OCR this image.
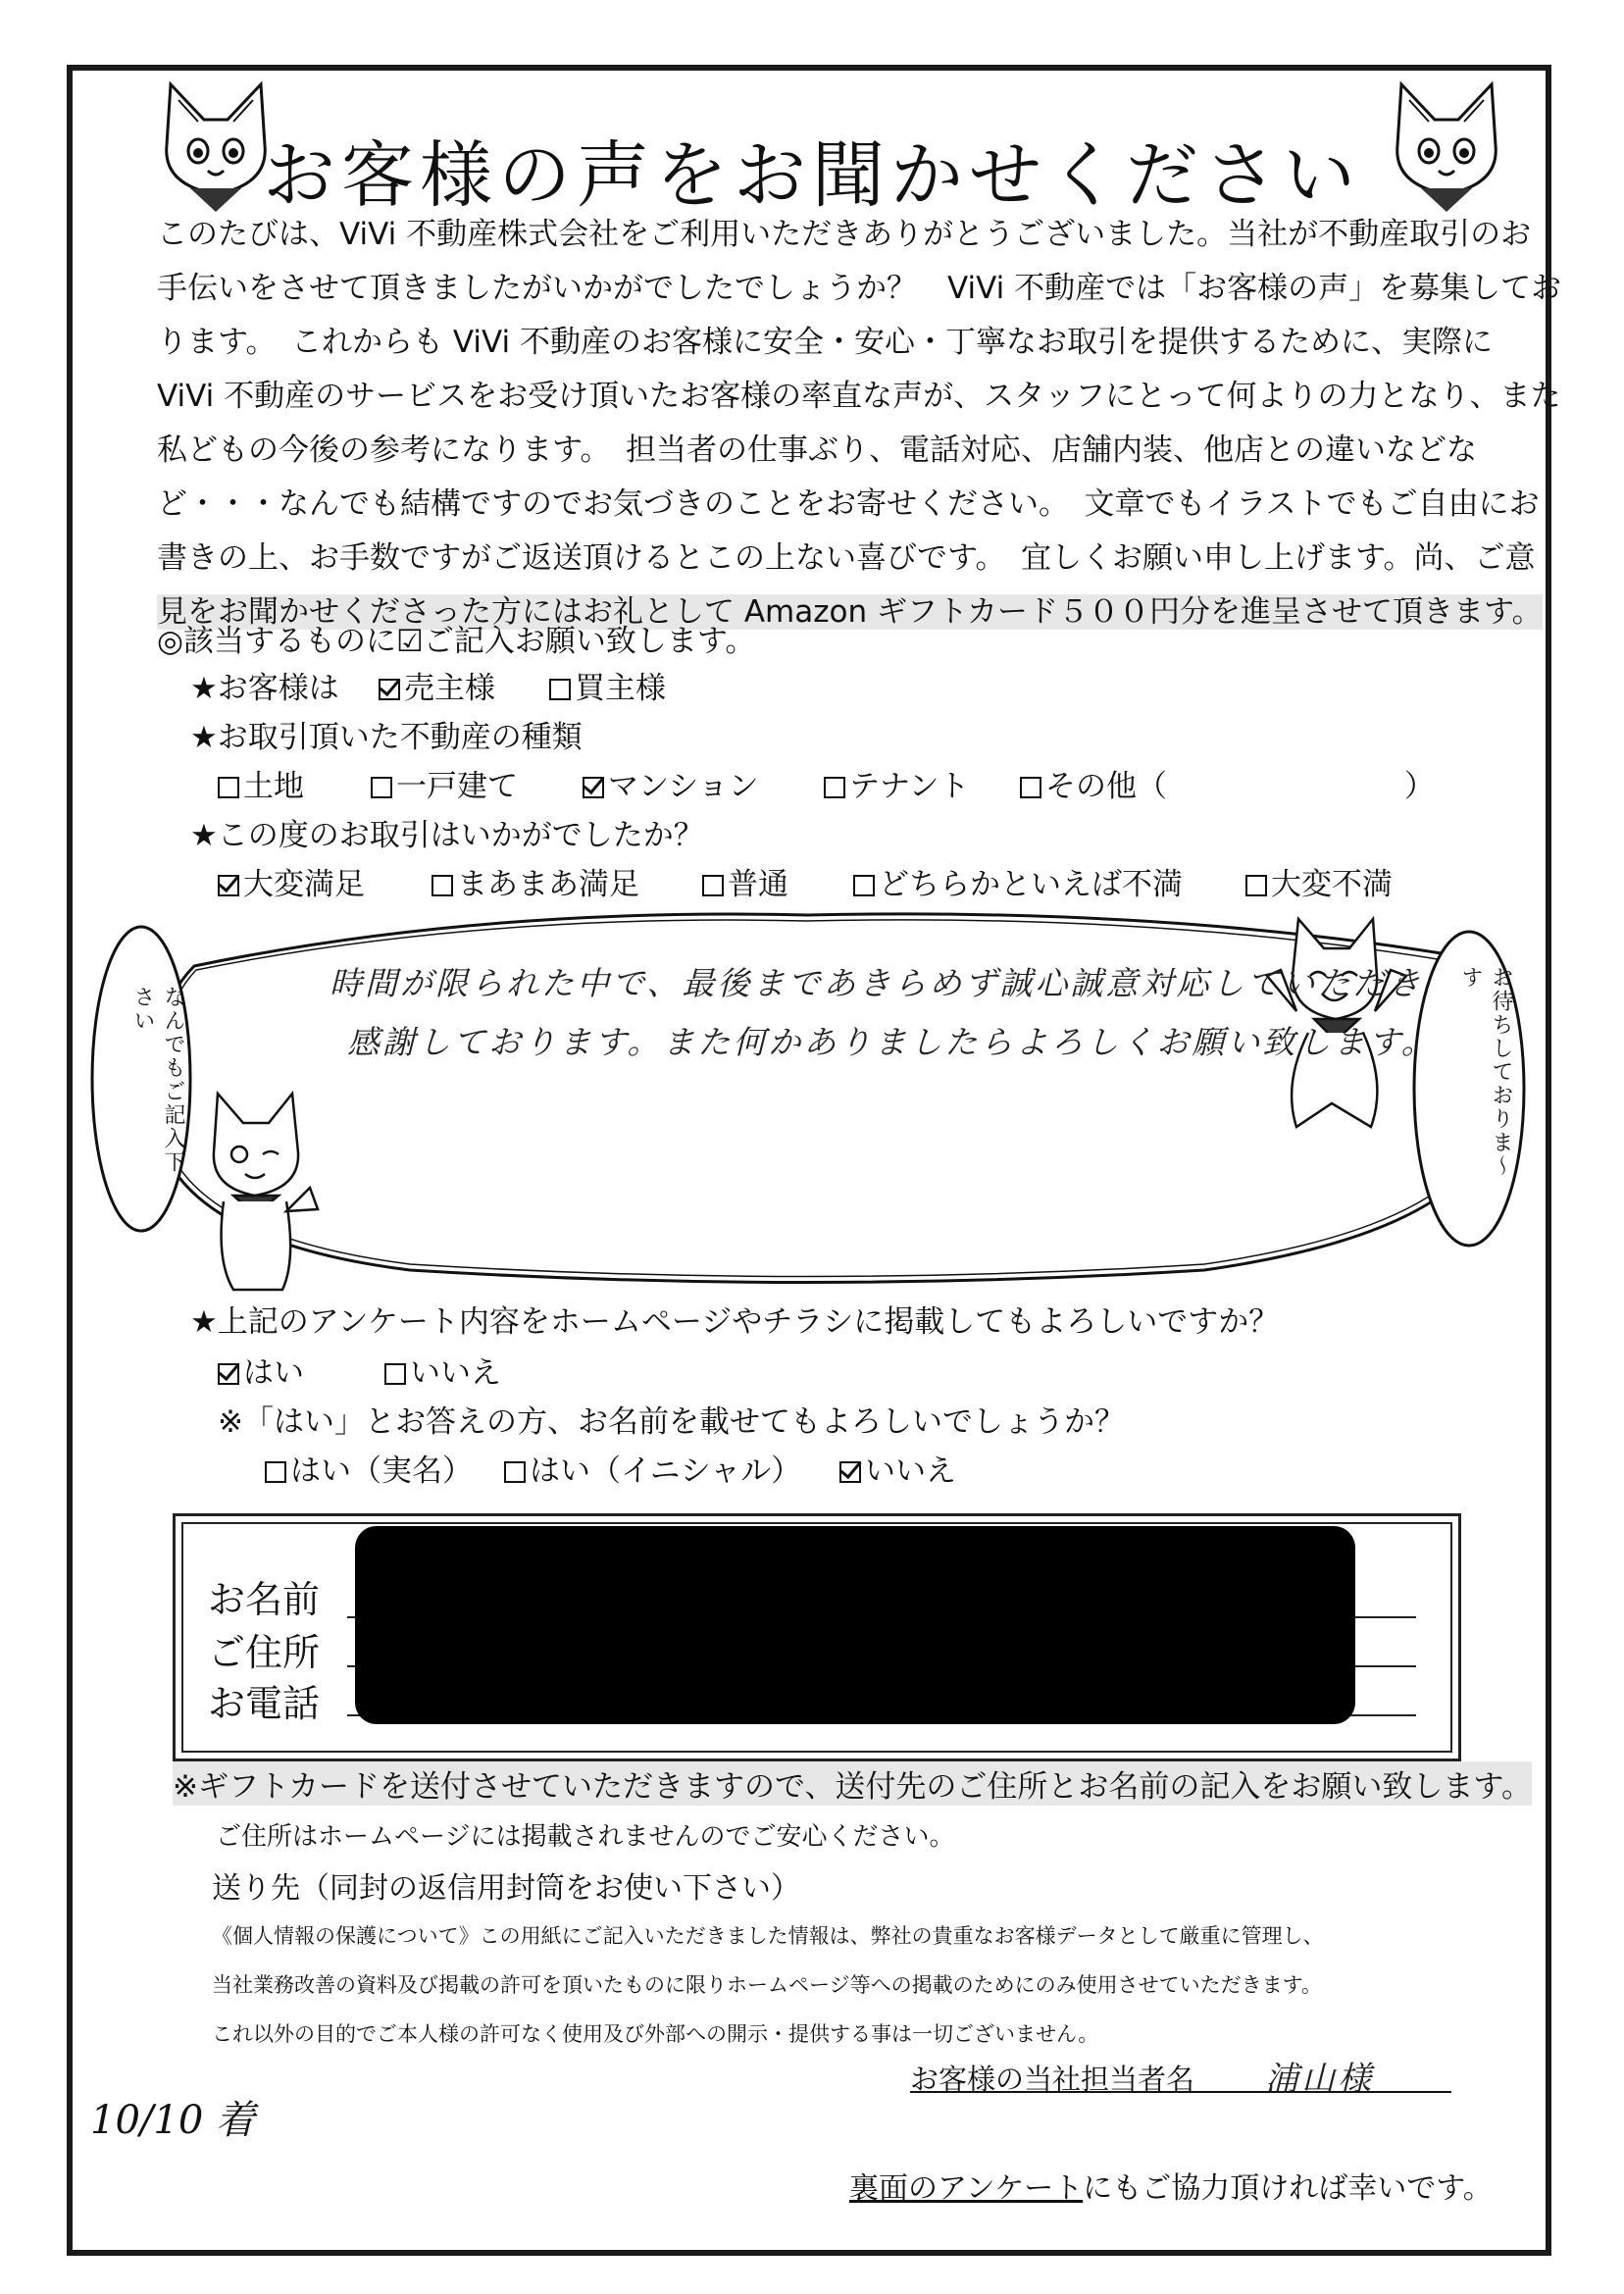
お客様の声をお聞かせください

このたびは、ViVi 不動産株式会社をご利用いただきありがとうございました。当社が不動産取引のお
手伝いをさせて頂きましたがいかがでしたでしょうか？　ViVi 不動産では「お客様の声」を募集してお
ります。　これからも ViVi 不動産のお客様に安全・安心・丁寧なお取引を提供するために、実際に
ViVi 不動産のサービスをお受け頂いたお客様の率直な声が、スタッフにとって何よりの力となり、また
私どもの今後の参考になります。　担当者の仕事ぶり、電話対応、店舗内装、他店との違いなどな
ど・・・なんでも結構ですのでお気づきのことをお寄せください。　文章でもイラストでもご自由にお
書きの上、お手数ですがご返送頂けるとこの上ない喜びです。　宜しくお願い申し上げます。尚、ご意
見をお聞かせくださった方にはお礼として Amazon ギフトカード５００円分を進呈させて頂きます。

◎該当するものに☑ご記入お願い致します。
★お客様は	売主様	買主様
★お取引頂いた不動産の種類
土地	一戸建て	マンション	テナント	その他（	）
★この度のお取引はいかがでしたか？
大変満足	まあまあ満足	普通	どちらかといえば不満	大変不満
時間が限られた中で、最後まであきらめず誠心誠意対応していただき
感謝しております。また何かありましたらよろしくお願い致します。
なんでもご記入下さい	お待ちしておりま～す
★上記のアンケート内容をホームページやチラシに掲載してもよろしいですか？
はい	いいえ
※「はい」とお答えの方、お名前を載せてもよろしいでしょうか？
はい（実名）	はい（イニシャル）	いいえ
お名前
ご住所
お電話
※ギフトカードを送付させていただきますので、送付先のご住所とお名前の記入をお願い致します。
ご住所はホームページには掲載されませんのでご安心ください。
送り先（同封の返信用封筒をお使い下さい）
《個人情報の保護について》この用紙にご記入いただきました情報は、弊社の貴重なお客様データとして厳重に管理し、
当社業務改善の資料及び掲載の許可を頂いたものに限りホームページ等への掲載のためにのみ使用させていただきます。
これ以外の目的でご本人様の許可なく使用及び外部への開示・提供する事は一切ございません。
お客様の当社担当者名 浦山様
10/10 着
裏面のアンケートにもご協力頂ければ幸いです。
